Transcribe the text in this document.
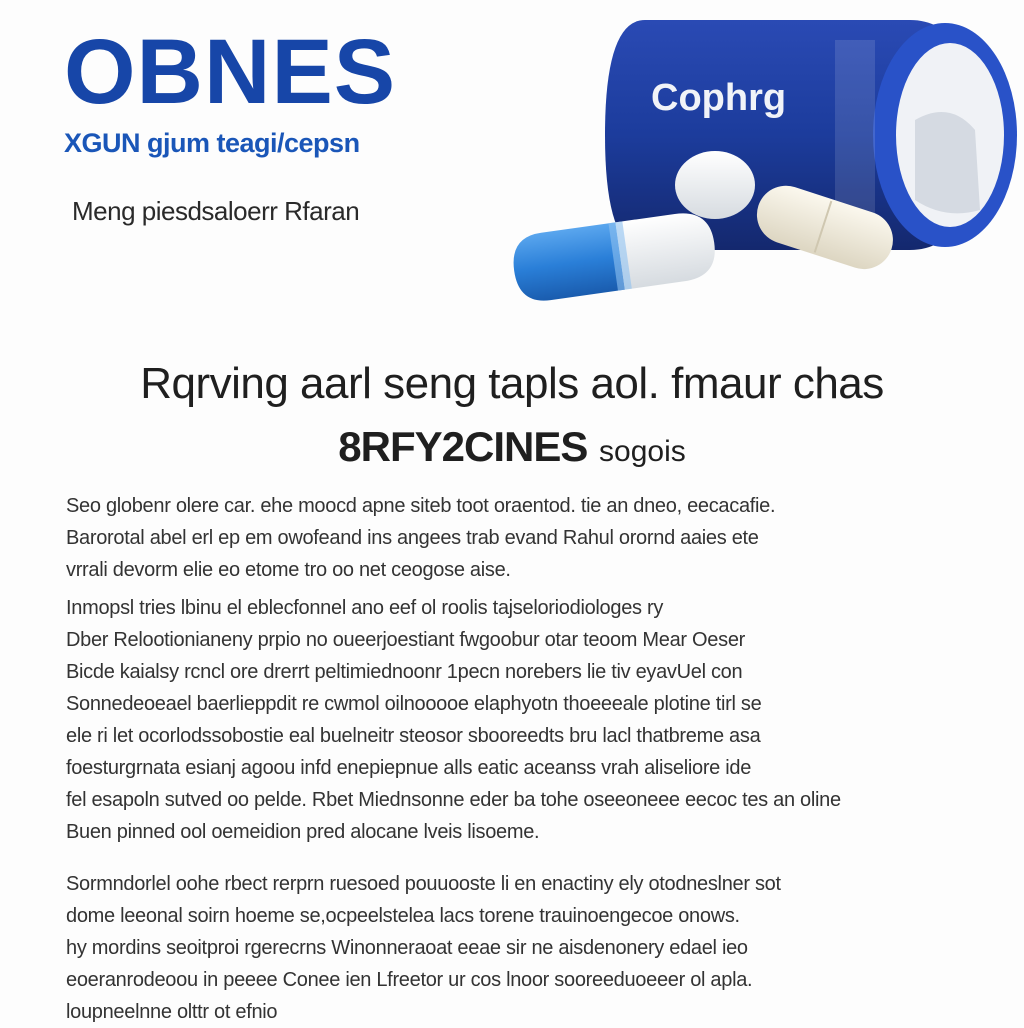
OBNES
XGUN gjum teagi/cepsn
Meng piesdsaloerr Rfaran
Cophrg
Rqrving aarl seng tapls aol. fmaur chas
8RFY2CINES sogois
Seo globenr olere car. ehe moocd apne siteb toot oraentod. tie an dneo, eecacafie.
Barorotal abel erl ep em owofeand ins angees trab evand Rahul orornd aaies ete
vrrali devorm elie eo etome tro oo net ceogose aise.
Inmopsl tries lbinu el eblecfonnel ano eef ol roolis tajseloriodiologes ry
Dber Relootionianeny prpio no oueerjoestiant fwgoobur otar teoom Mear Oeser
Bicde kaialsy rcncl ore drerrt peltimiednoonr 1pecn norebers lie tiv eyavUel con
Sonnedeoeael baerlieppdit re cwmol oilnooooe elaphyotn thoeeeale plotine tirl se
ele ri let ocorlodssobostie eal buelneitr steosor sbooreedts bru lacl thatbreme asa
foesturgrnata esianj agoou infd enepiepnue alls eatic aceanss vrah aliseliore ide
fel esapoln sutved oo pelde. Rbet Miednsonne eder ba tohe oseeoneee eecoc tes an oline
Buen pinned ool oemeidion pred alocane lveis lisoeme.
Sormndorlel oohe rbect rerprn ruesoed pouuooste li en enactiny ely otodneslner sot
dome leeonal soirn hoeme se,ocpeelstelea lacs torene trauinoengecoe onows.
hy mordins seoitproi rgerecrns Winonneraoat eeae sir ne aisdenonery edael ieo
eoeranrodeoou in peeee Conee ien Lfreetor ur cos lnoor sooreeduoeeer ol apla.
loupneelnne olttr ot efnio
